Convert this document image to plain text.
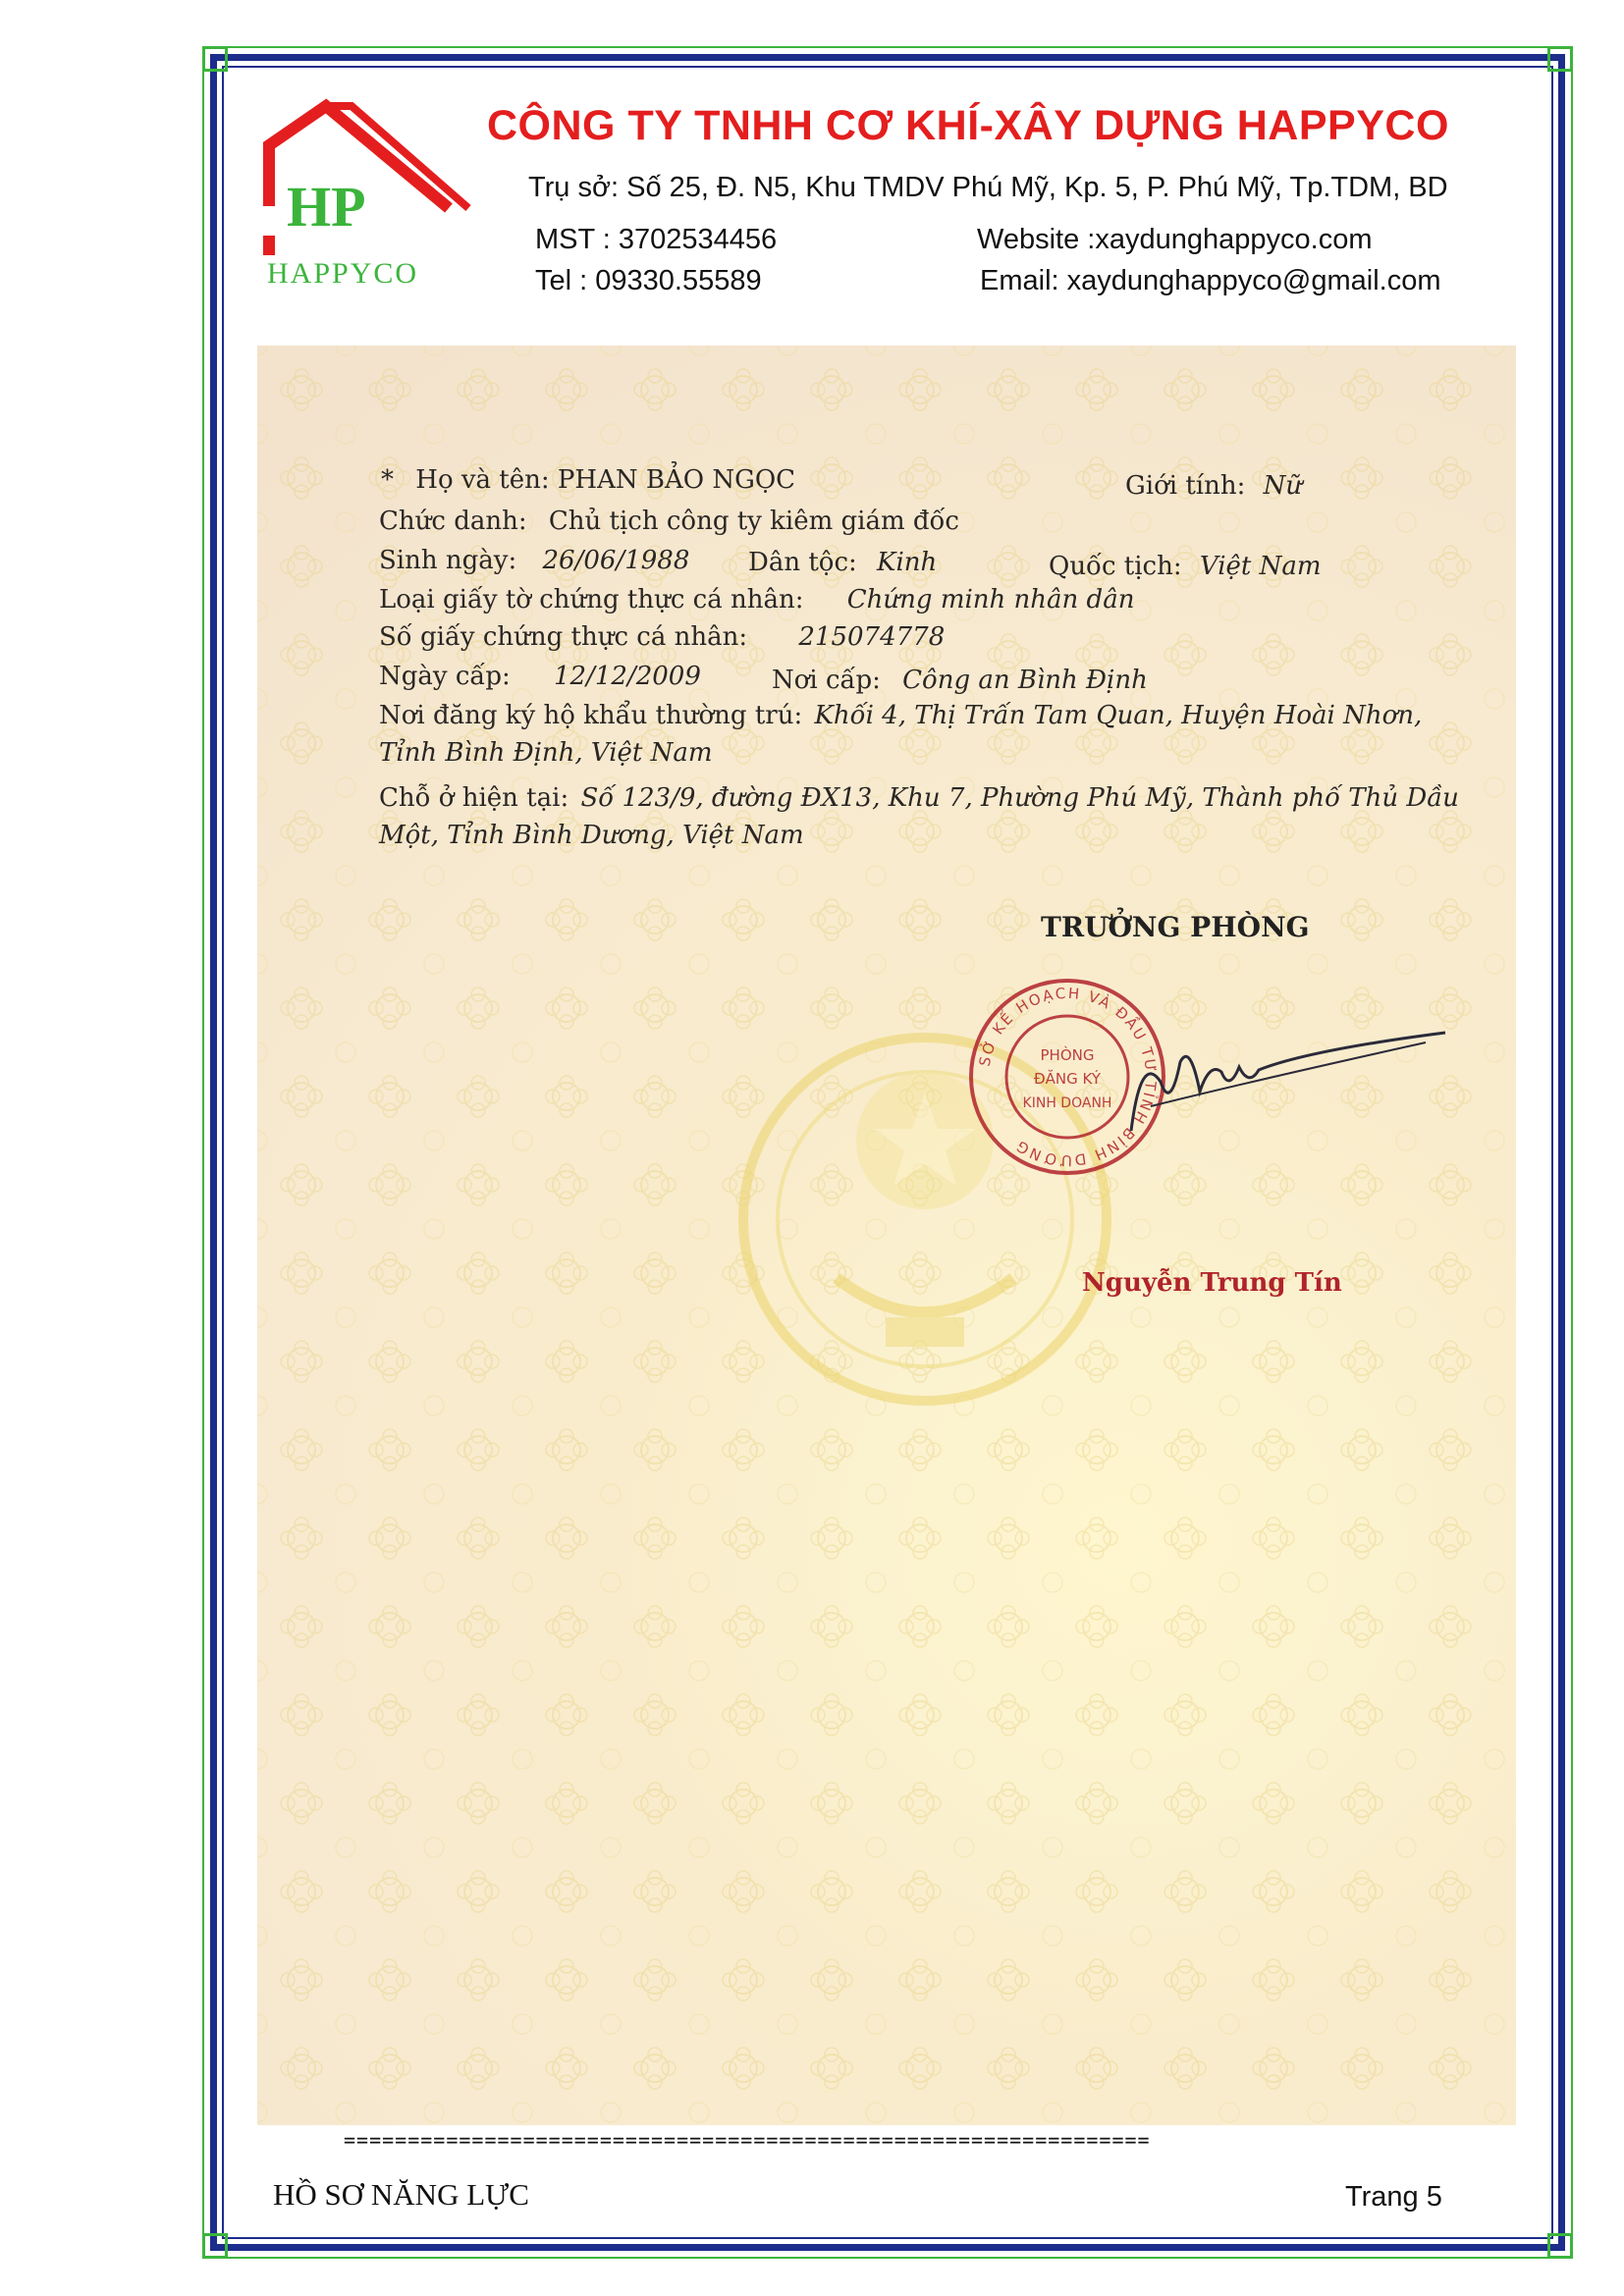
HP
HAPPYCO
CÔNG TY TNHH CƠ KHÍ-XÂY DỰNG HAPPYCO
Trụ sở: Số 25, Đ. N5, Khu TMDV Phú Mỹ, Kp. 5, P. Phú Mỹ, Tp.TDM, BD
MST : 3702534456	Website :xaydunghappyco.com
Tel : 09330.55589	Email: xaydunghappyco@gmail.com
* Họ và tên: PHAN BẢO NGỌC	Giới tính: Nữ
Chức danh: Chủ tịch công ty kiêm giám đốc
Sinh ngày: 26/06/1988 Dân tộc: Kinh	Quốc tịch: Việt Nam
Loại giấy tờ chứng thực cá nhân: Chứng minh nhân dân
Số giấy chứng thực cá nhân: 215074778
Ngày cấp: 12/12/2009	Nơi cấp: Công an Bình Định
Nơi đăng ký hộ khẩu thường trú: Khối 4, Thị Trấn Tam Quan, Huyện Hoài Nhơn,
Tỉnh Bình Định, Việt Nam
Chỗ ở hiện tại: Số 123/9, đường ĐX13, Khu 7, Phường Phú Mỹ, Thành phố Thủ Dầu
Một, Tỉnh Bình Dương, Việt Nam
TRƯỞNG PHÒNG
SỞ KẾ HOẠCH VÀ ĐẦU TƯ TỈNH BÌNH DƯƠNG
PHÒNG
ĐĂNG KÝ
KINH DOANH
Nguyễn Trung Tín
===============================================================
HỒ SƠ NĂNG LỰC	Trang 5
